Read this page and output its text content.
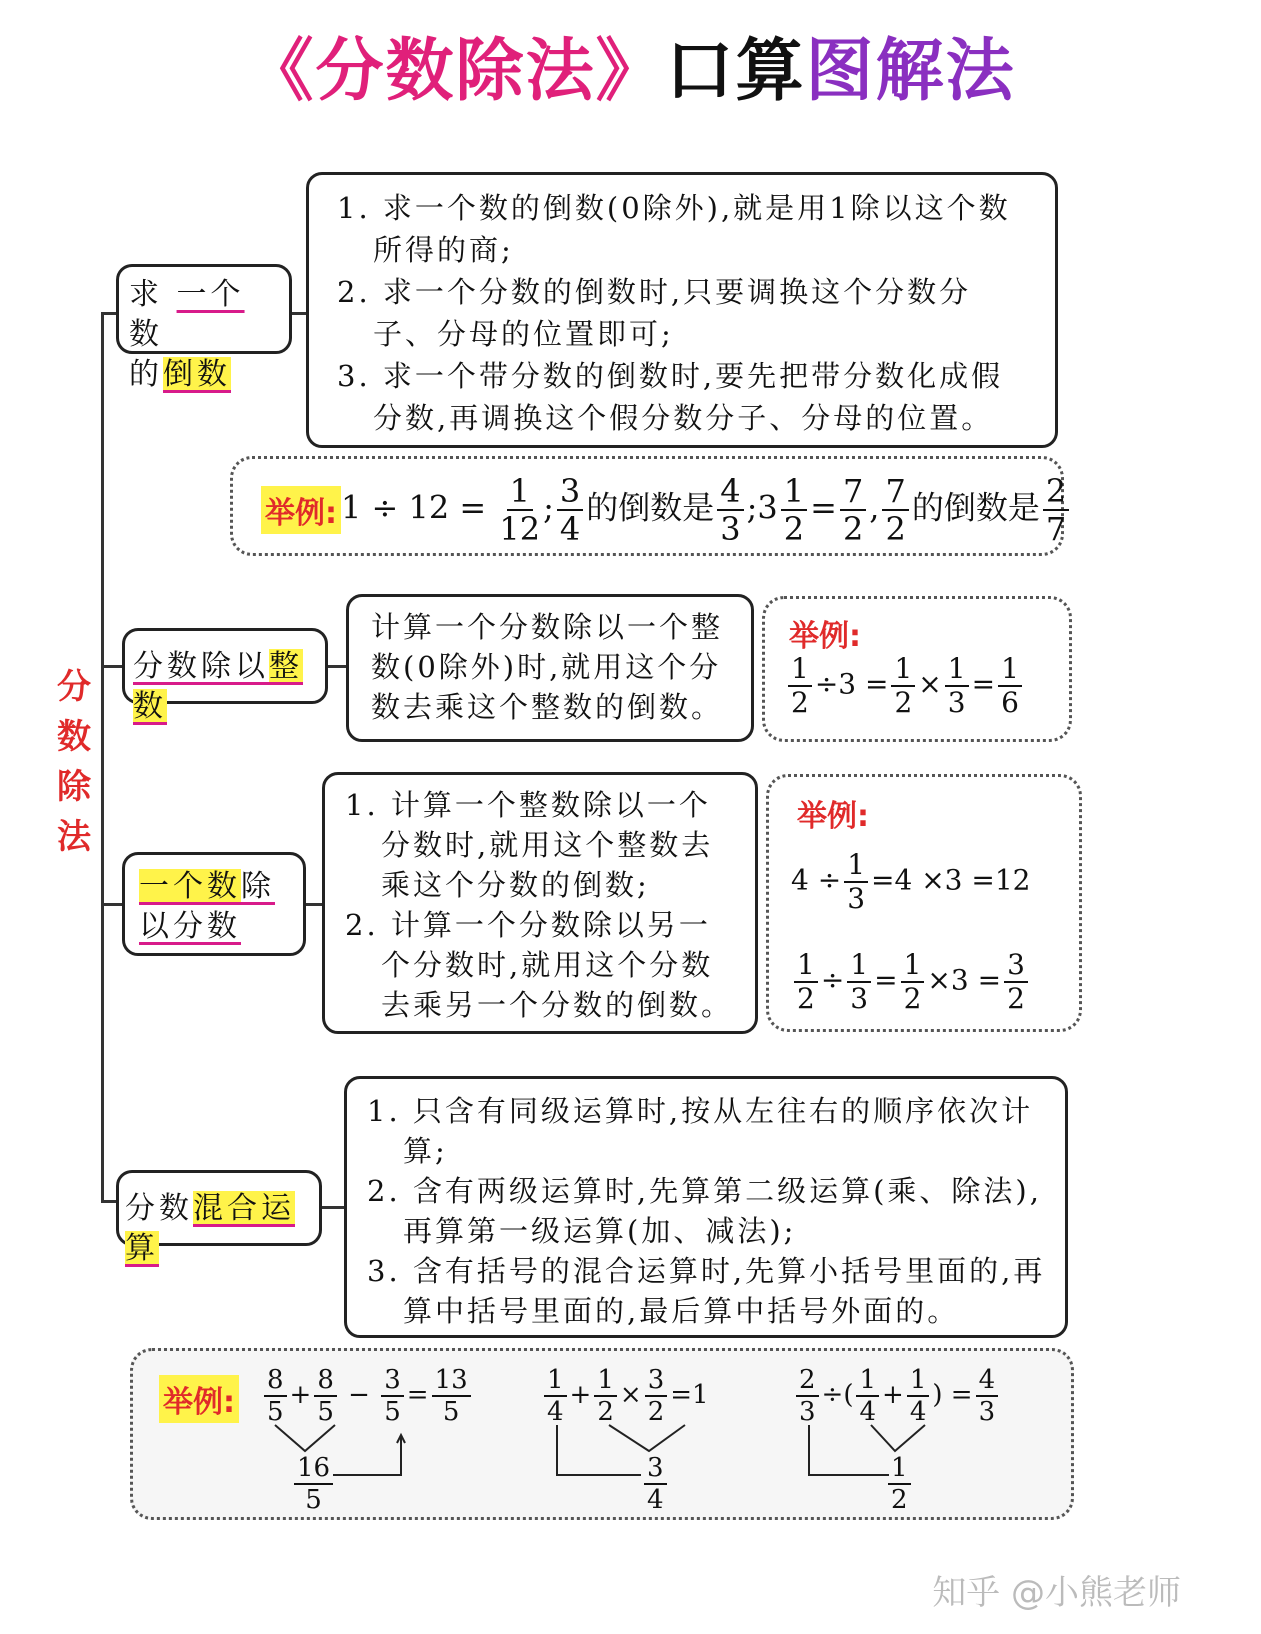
《分数除法》口算图解法
分
数
除
法
求 一个 数
的倒数
1. 求一个数的倒数(0除外),就是用1除以这个数所得的商;
2. 求一个分数的倒数时,只要调换这个分数分子、分母的位置即可;
3. 求一个带分数的倒数时,要先把带分数化成假分数,再调换这个假分数分子、分母的位置。
举例: $1 \div 12 = \frac{1}{12}$ ; $\frac{3}{4}$ 的倒数是 $\frac{4}{3}$ ;3 $\frac{1}{2} = \frac{7}{2}$ , $\frac{7}{2}$ 的倒数是 $\frac{2}{7}$
分数除以整数
计算一个分数除以一个整数(0除外)时,就用这个分数去乘这个整数的倒数。
举例:
$\frac{1}{2} \div 3 = \frac{1}{2} \times \frac{1}{3} = \frac{1}{6}$
一个数除
以分数
1. 计算一个整数除以一个分数时,就用这个整数去乘这个分数的倒数;
2. 计算一个分数除以另一个分数时,就用这个分数去乘另一个分数的倒数。
举例:
$4 \div \frac{1}{3} =4 \times 3 =12$
$\frac{1}{2} \div \frac{1}{3} = \frac{1}{2} \times 3 = \frac{3}{2}$
分数混合运算
1. 只含有同级运算时,按从左往右的顺序依次计算;
2. 含有两级运算时,先算第二级运算(乘、除法),再算第一级运算(加、减法);
3. 含有括号的混合运算时,先算小括号里面的,再算中括号里面的,最后算中括号外面的。
举例: $\frac{8}{5} + \frac{8}{5} - \frac{3}{5} = \frac{13}{5}$
$\frac{16}{5}$
$\frac{1}{4} + \frac{1}{2} \times \frac{3}{2} =1$
$\frac{3}{4}$
$\frac{2}{3}$ ÷( $\frac{1}{4} + \frac{1}{4}$ ) = $\frac{4}{3}$
$\frac{1}{2}$
知乎 @小熊老师
